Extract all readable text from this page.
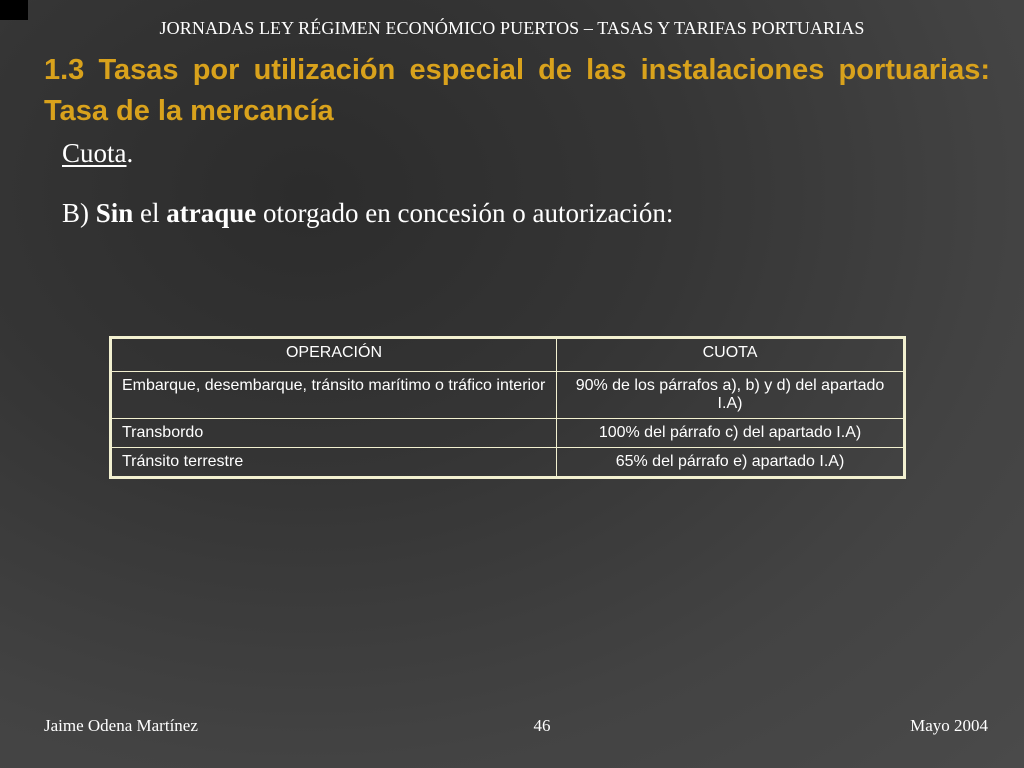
JORNADAS LEY RÉGIMEN ECONÓMICO PUERTOS – TASAS Y TARIFAS PORTUARIAS
1.3 Tasas por utilización especial de las instalaciones portuarias: Tasa de la mercancía
Cuota.
B) Sin el atraque otorgado en concesión o autorización:
OPERACIÓN	CUOTA
Embarque, desembarque, tránsito marítimo o tráfico interior	90% de los párrafos a), b) y d) del apartado I.A)
Transbordo	100% del párrafo c) del apartado I.A)
Tránsito terrestre	65% del párrafo e) apartado I.A)
Jaime Odena Martínez	46	Mayo 2004
